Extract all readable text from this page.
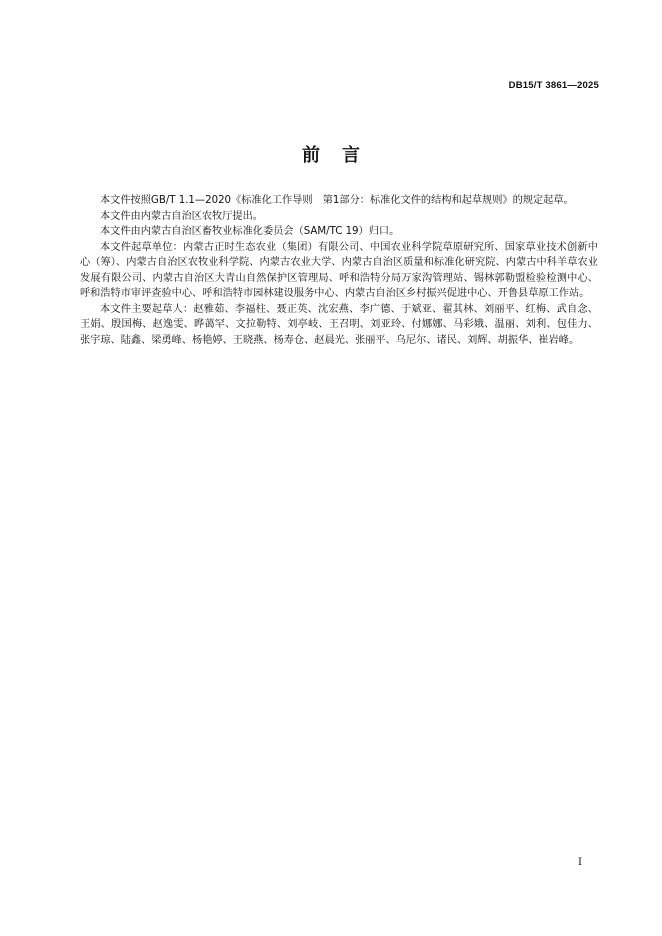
DB15/T 3861—2025
前言

本文件按照GB/T 1.1—2020《标准化工作导则　第1部分：标准化文件的结构和起草规则》的规定起草。

本文件由内蒙古自治区农牧厅提出。

本文件由内蒙古自治区畜牧业标准化委员会（SAM/TC 19）归口。

本文件起草单位：内蒙古正时生态农业（集团）有限公司、中国农业科学院草原研究所、国家草业技术创新中心（筹）、内蒙古自治区农牧业科学院、内蒙古农业大学、内蒙古自治区质量和标准化研究院、内蒙古中科羊草农业发展有限公司、内蒙古自治区大青山自然保护区管理局、呼和浩特分局万家沟管理站、锡林郭勒盟检验检测中心、呼和浩特市审评查验中心、呼和浩特市园林建设服务中心、内蒙古自治区乡村振兴促进中心、开鲁县草原工作站。

本文件主要起草人：赵雅茹、李福柱、聂正英、沈宏燕、李广德、于斌亚、翟其林、刘丽平、红梅、武自念、王娟、殷国梅、赵逸雯、晔蔼罕、文拉勒特、刘亭岐、王召明、刘亚玲、付娜娜、马彩娥、温丽、刘利、包佳力、张宇琼、陆鑫、梁勇峰、杨艳婷、王晓燕、杨寿仓、赵晨光、张丽平、乌尼尔、诸民、刘辉、胡振华、崔岩峰。

I
